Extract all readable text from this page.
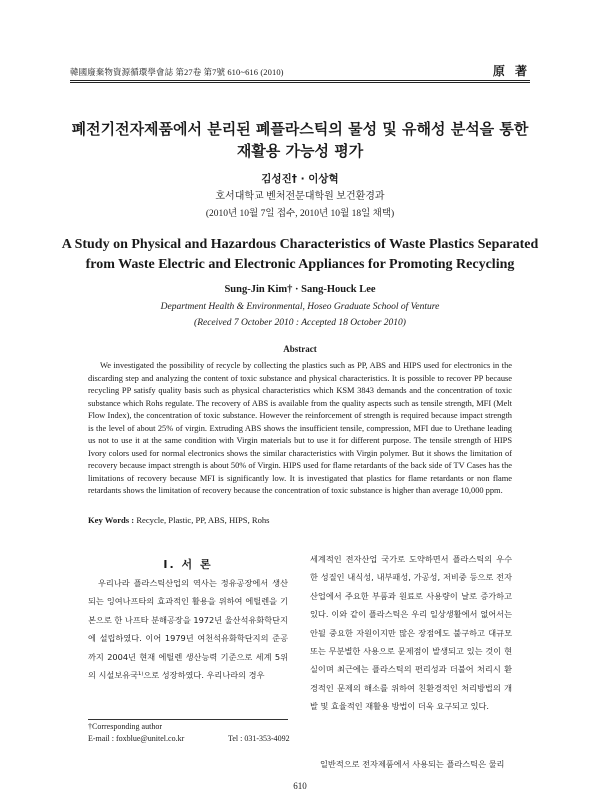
韓國廢棄物資源循環學會誌 第27卷 第7號 610~616 (2010)	原 著
폐전기전자제품에서 분리된 폐플라스틱의 물성 및 유해성 분석을 통한
재활용 가능성 평가
김성진† · 이상혁
호서대학교 벤처전문대학원 보건환경과
(2010년 10월 7일 접수, 2010년 10월 18일 채택)
A Study on Physical and Hazardous Characteristics of Waste Plastics Separated
from Waste Electric and Electronic Appliances for Promoting Recycling
Sung-Jin Kim† · Sang-Houck Lee
Department Health & Environmental, Hoseo Graduate School of Venture
(Received 7 October 2010 : Accepted 18 October 2010)
Abstract

We investigated the possibility of recycle by collecting the plastics such as PP, ABS and HIPS used for electronics in the discarding step and analyzing the content of toxic substance and physical characteristics. It is possible to recover PP because recycling PP satisfy quality basis such as physical characteristics which KSM 3843 demands and the concentration of toxic substance which Rohs regulate. The recovery of ABS is available from the quality aspects such as tensile strength, MFI (Melt Flow Index), the concentration of toxic substance. However the reinforcement of strength is required because impact strength is the level of about 25% of virgin. Extruding ABS shows the insufficient tensile, compression, MFI due to Urethane leading us not to use it at the same condition with Virgin materials but to use it for different purpose. The tensile strength of HIPS Ivory colors used for normal electronics shows the similar characteristics with Virgin polymer. But it shows the limitation of recovery because impact strength is about 50% of Virgin. HIPS used for flame retardants of the back side of TV Cases has the limitations of recovery because MFI is significantly low. It is investigated that plastics for flame retardants or non flame retardants shows the limitation of recovery because the concentration of toxic substance is higher than average 10,000 ppm.

Key Words : Recycle, Plastic, PP, ABS, HIPS, Rohs
I. 서 론

우리나라 플라스틱산업의 역사는 정유공장에서 생산되는 잉여나프타의 효과적인 활용을 위하여 에틸렌을 기본으로 한 나프타 분해공장을 1972년 울산석유화학단지에 설립하였다. 이어 1979년 여천석유화학단지의 준공까지 2004년 현재 에틸렌 생산능력 기준으로 세계 5위의 시설보유국¹⁾으로 성장하였다. 우리나라의 경우

세계적인 전자산업 국가로 도약하면서 플라스틱의 우수한 성질인 내식성, 내부패성, 가공성, 저비중 등으로 전자산업에서 주요한 부품과 원료로 사용량이 날로 증가하고 있다. 이와 같이 플라스틱은 우리 일상생활에서 없어서는 안될 중요한 자원이지만 많은 장점에도 불구하고 대규모 또는 무분별한 사용으로 문제점이 발생되고 있는 것이 현실이며 최근에는 플라스틱의 편리성과 더불어 처리시 환경적인 문제의 해소를 위하여 친환경적인 처리방법의 개발 및 효율적인 재활용 방법이 더욱 요구되고 있다.

일반적으로 전자제품에서 사용되는 플라스틱은 물리

†Corresponding author
E-mail : foxblue@unitel.co.kr	Tel : 031-353-4092
610
